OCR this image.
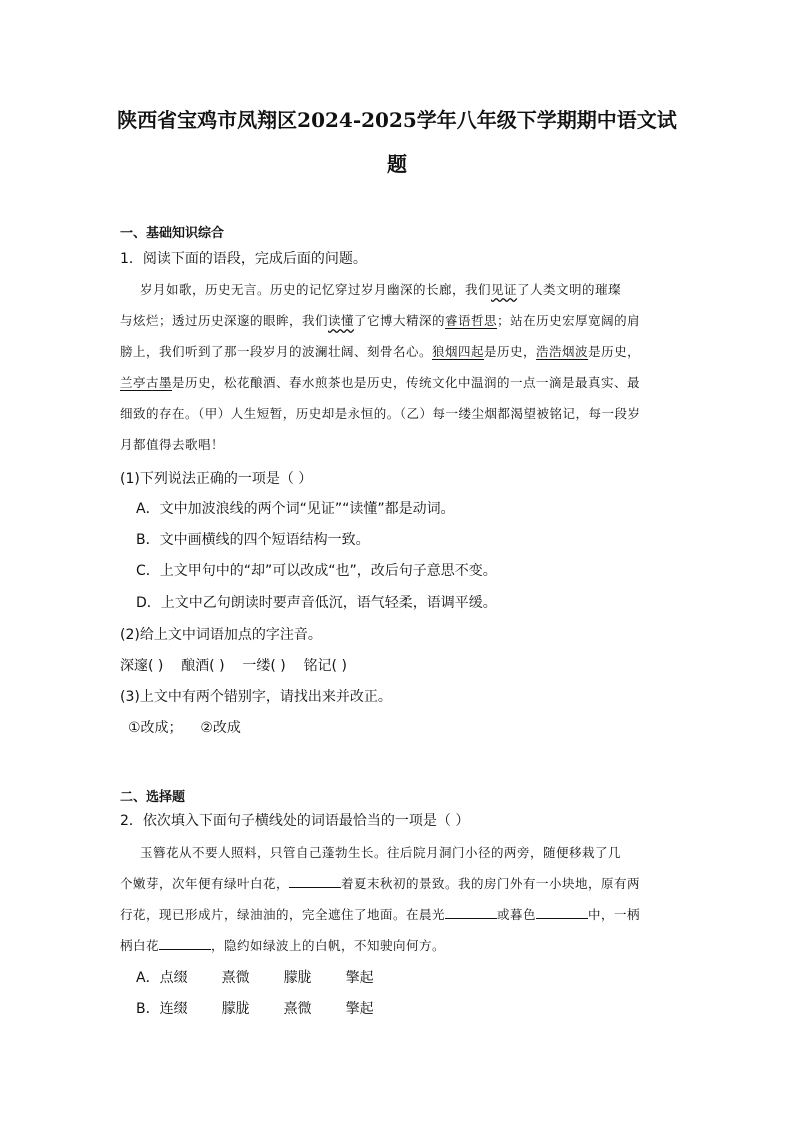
陕西省宝鸡市凤翔区2024-2025学年八年级下学期期中语文试
题
一、基础知识综合
1．阅读下面的语段，完成后面的问题。
岁月如歌，历史无言。历史的记忆穿过岁月幽深的长廊，我们见证了人类文明的璀璨
与炫烂；透过历史深邃的眼眸，我们读懂了它博大精深的睿语哲思；站在历史宏厚宽阔的肩
膀上，我们听到了那一段岁月的波澜壮阔、刻骨名心。狼烟四起是历史，浩浩烟波是历史，
兰亭古墨是历史，松花酿酒、春水煎茶也是历史，传统文化中温润的一点一滴是最真实、最
细致的存在。（甲）人生短暂，历史却是永恒的。（乙）每一缕尘烟都渴望被铭记，每一段岁
月都值得去歌唱！
(1)下列说法正确的一项是（ ）
A．文中加波浪线的两个词“见证”“读懂”都是动词。
B．文中画横线的四个短语结构一致。
C．上文甲句中的“却”可以改成“也”，改后句子意思不变。
D．上文中乙句朗读时要声音低沉，语气轻柔，语调平缓。
(2)给上文中词语加点的字注音。
深邃( ) 酿酒( ) 一缕( ) 铭记( )
(3)上文中有两个错别字，请找出来并改正。
①改成； ②改成
二、选择题
2．依次填入下面句子横线处的词语最恰当的一项是（ ）
玉簪花从不要人照料，只管自己蓬勃生长。往后院月洞门小径的两旁，随便移栽了几
个嫩芽，次年便有绿叶白花，	着夏末秋初的景致。我的房门外有一小块地，原有两
行花，现已形成片，绿油油的，完全遮住了地面。在晨光	或暮色	中，一柄
柄白花	，隐约如绿波上的白帆，不知驶向何方。
A．点缀 熹微 朦胧 擎起
B．连缀 朦胧 熹微 擎起
